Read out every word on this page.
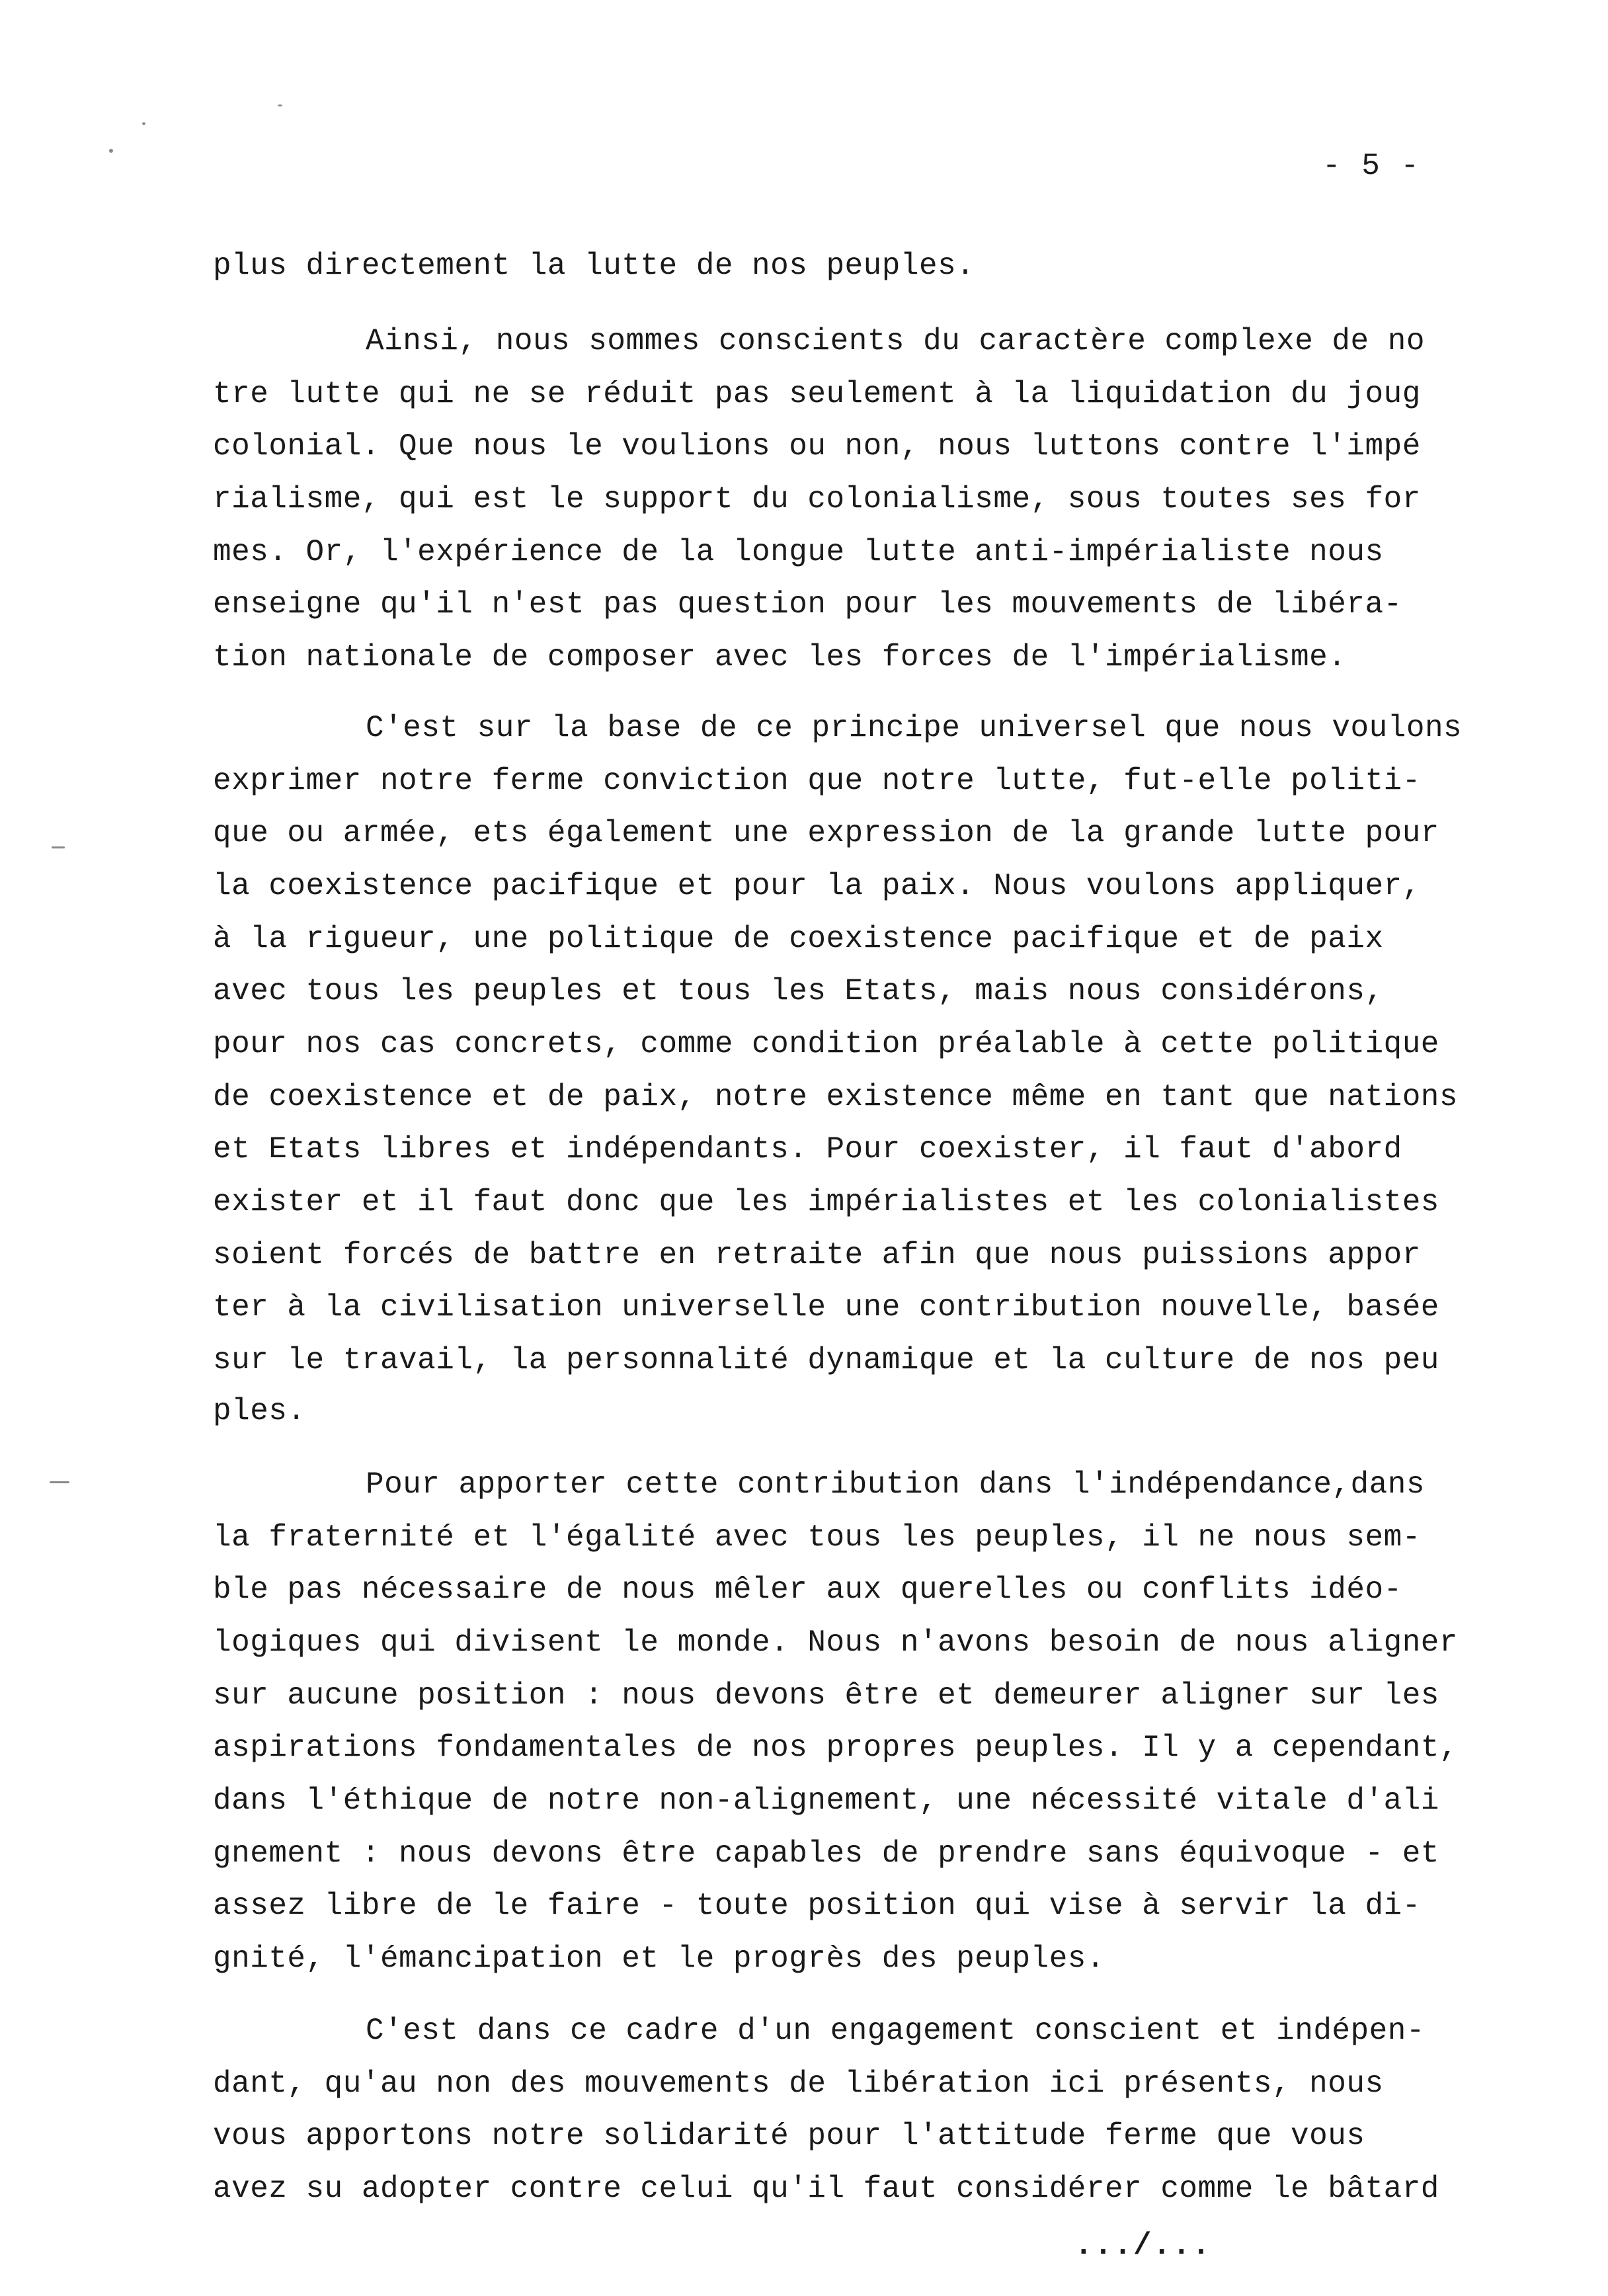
- 5 -
plus directement la lutte de nos peuples.
Ainsi, nous sommes conscients du caractère complexe de no
tre lutte qui ne se réduit pas seulement à la liquidation du joug
colonial. Que nous le voulions ou non, nous luttons contre l'impé
rialisme, qui est le support du colonialisme, sous toutes ses for
mes. Or, l'expérience de la longue lutte anti-impérialiste nous
enseigne qu'il n'est pas question pour les mouvements de libéra-
tion nationale de composer avec les forces de l'impérialisme.
C'est sur la base de ce principe universel que nous voulons
exprimer notre ferme conviction que notre lutte, fut-elle politi-
que ou armée, ets également une expression de la grande lutte pour
la coexistence pacifique et pour la paix. Nous voulons appliquer,
à la rigueur, une politique de coexistence pacifique et de paix
avec tous les peuples et tous les Etats, mais nous considérons,
pour nos cas concrets, comme condition préalable à cette politique
de coexistence et de paix, notre existence même en tant que nations
et Etats libres et indépendants. Pour coexister, il faut d'abord
exister et il faut donc que les impérialistes et les colonialistes
soient forcés de battre en retraite afin que nous puissions appor
ter à la civilisation universelle une contribution nouvelle, basée
sur le travail, la personnalité dynamique et la culture de nos peu
ples.
Pour apporter cette contribution dans l'indépendance,dans
la fraternité et l'égalité avec tous les peuples, il ne nous sem-
ble pas nécessaire de nous mêler aux querelles ou conflits idéo-
logiques qui divisent le monde. Nous n'avons besoin de nous aligner
sur aucune position : nous devons être et demeurer aligner sur les
aspirations fondamentales de nos propres peuples. Il y a cependant,
dans l'éthique de notre non-alignement, une nécessité vitale d'ali
gnement : nous devons être capables de prendre sans équivoque - et
assez libre de le faire - toute position qui vise à servir la di-
gnité, l'émancipation et le progrès des peuples.
C'est dans ce cadre d'un engagement conscient et indépen-
dant, qu'au non des mouvements de libération ici présents, nous
vous apportons notre solidarité pour l'attitude ferme que vous
avez su adopter contre celui qu'il faut considérer comme le bâtard
.../...
